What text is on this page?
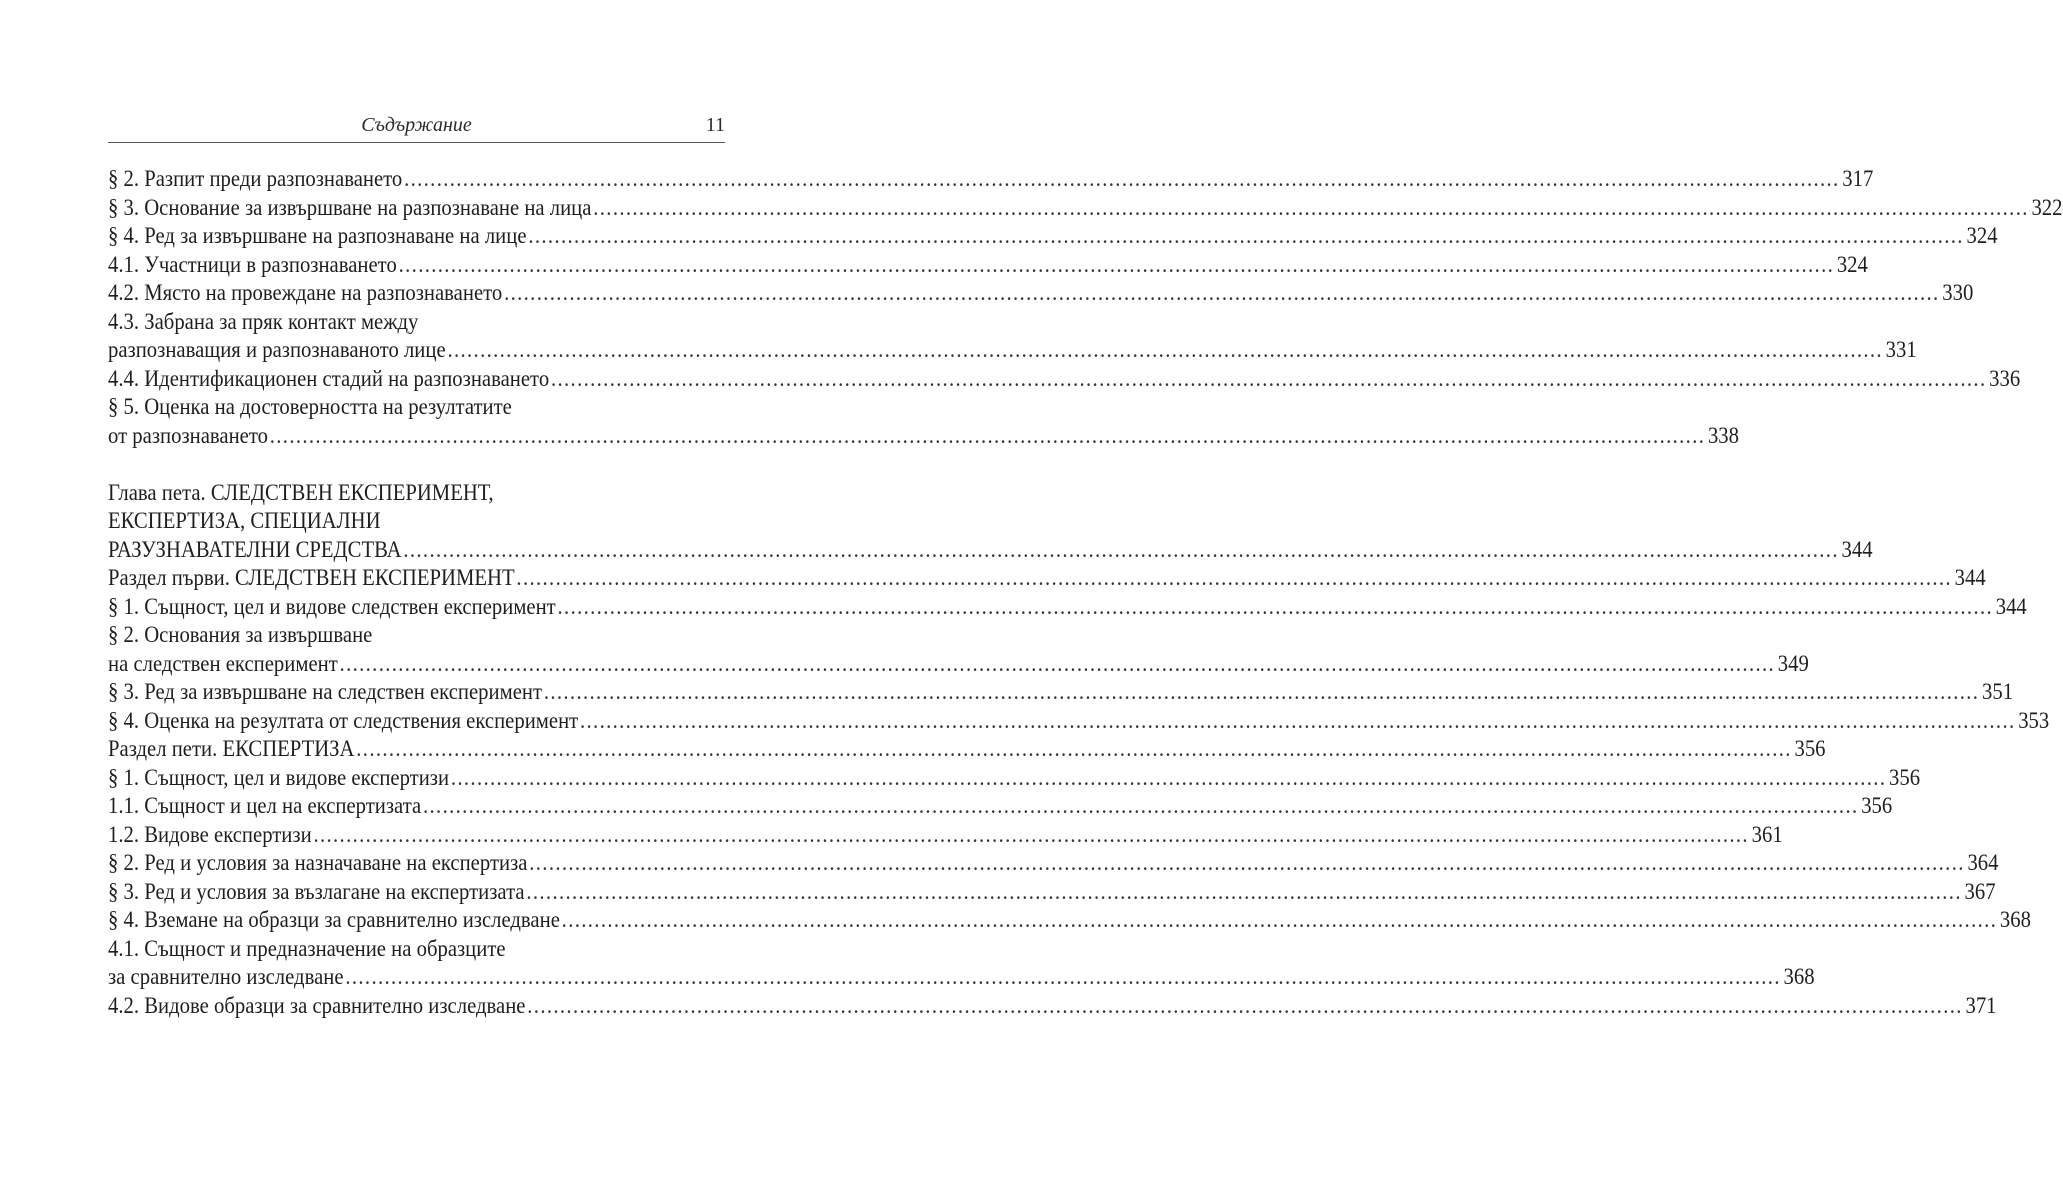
Съдържание	11
§ 2. Разпит преди разпознаването ............................................................................................................................................................................................................................ 317
§ 3. Основание за извършване на разпознаване на лица ............................................................................................................................................................................................................................ 322
§ 4. Ред за извършване на разпознаване на лице ............................................................................................................................................................................................................................ 324
4.1. Участници в разпознаването ............................................................................................................................................................................................................................ 324
4.2. Място на провеждане на разпознаването ............................................................................................................................................................................................................................ 330
4.3. Забрана за пряк контакт между
разпознаващия и разпознаваното лице ............................................................................................................................................................................................................................ 331
4.4. Идентификационен стадий на разпознаването ............................................................................................................................................................................................................................ 336
§ 5. Оценка на достоверността на резултатите
от разпознаването ............................................................................................................................................................................................................................ 338
Глава пета. СЛЕДСТВЕН ЕКСПЕРИМЕНТ,
ЕКСПЕРТИЗА, СПЕЦИАЛНИ
РАЗУЗНАВАТЕЛНИ СРЕДСТВА ............................................................................................................................................................................................................................ 344
Раздел първи. СЛЕДСТВЕН ЕКСПЕРИМЕНТ ............................................................................................................................................................................................................................ 344
§ 1. Същност, цел и видове следствен експеримент ............................................................................................................................................................................................................................ 344
§ 2. Основания за извършване
на следствен експеримент ............................................................................................................................................................................................................................ 349
§ 3. Ред за извършване на следствен експеримент ............................................................................................................................................................................................................................ 351
§ 4. Оценка на резултата от следствения експеримент ............................................................................................................................................................................................................................ 353
Раздел пети. ЕКСПЕРТИЗА ............................................................................................................................................................................................................................ 356
§ 1. Същност, цел и видове експертизи ............................................................................................................................................................................................................................ 356
1.1. Същност и цел на експертизата ............................................................................................................................................................................................................................ 356
1.2. Видове експертизи ............................................................................................................................................................................................................................ 361
§ 2. Ред и условия за назначаване на експертиза ............................................................................................................................................................................................................................ 364
§ 3. Ред и условия за възлагане на експертизата ............................................................................................................................................................................................................................ 367
§ 4. Вземане на образци за сравнително изследване ............................................................................................................................................................................................................................ 368
4.1. Същност и предназначение на образците
за сравнително изследване ............................................................................................................................................................................................................................ 368
4.2. Видове образци за сравнително изследване ............................................................................................................................................................................................................................ 371
